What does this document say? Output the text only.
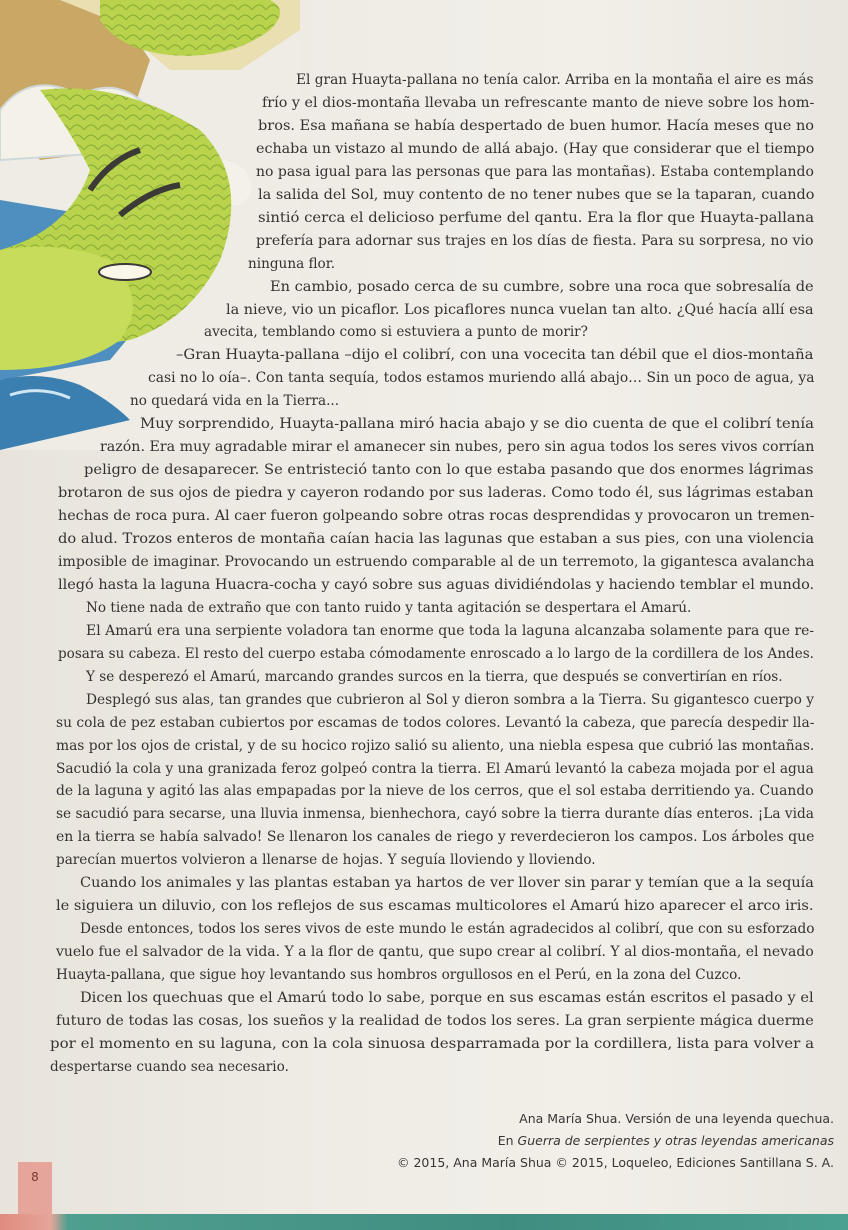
El gran Huayta-pallana no tenía calor. Arriba en la montaña el aire es más
frío y el dios-montaña llevaba un refrescante manto de nieve sobre los hom-
bros. Esa mañana se había despertado de buen humor. Hacía meses que no
echaba un vistazo al mundo de allá abajo. (Hay que considerar que el tiempo
no pasa igual para las personas que para las montañas). Estaba contemplando
la salida del Sol, muy contento de no tener nubes que se la taparan, cuando
sintió cerca el delicioso perfume del qantu. Era la flor que Huayta-pallana
prefería para adornar sus trajes en los días de fiesta. Para su sorpresa, no vio
ninguna flor.
En cambio, posado cerca de su cumbre, sobre una roca que sobresalía de
la nieve, vio un picaflor. Los picaflores nunca vuelan tan alto. ¿Qué hacía allí esa
avecita, temblando como si estuviera a punto de morir?
–Gran Huayta-pallana –dijo el colibrí, con una vocecita tan débil que el dios-montaña
casi no lo oía–. Con tanta sequía, todos estamos muriendo allá abajo… Sin un poco de agua, ya
no quedará vida en la Tierra...
Muy sorprendido, Huayta-pallana miró hacia abajo y se dio cuenta de que el colibrí tenía
razón. Era muy agradable mirar el amanecer sin nubes, pero sin agua todos los seres vivos corrían
peligro de desaparecer. Se entristeció tanto con lo que estaba pasando que dos enormes lágrimas
brotaron de sus ojos de piedra y cayeron rodando por sus laderas. Como todo él, sus lágrimas estaban
hechas de roca pura. Al caer fueron golpeando sobre otras rocas desprendidas y provocaron un tremen-
do alud. Trozos enteros de montaña caían hacia las lagunas que estaban a sus pies, con una violencia
imposible de imaginar. Provocando un estruendo comparable al de un terremoto, la gigantesca avalancha
llegó hasta la laguna Huacra-cocha y cayó sobre sus aguas dividiéndolas y haciendo temblar el mundo.
No tiene nada de extraño que con tanto ruido y tanta agitación se despertara el Amarú.
El Amarú era una serpiente voladora tan enorme que toda la laguna alcanzaba solamente para que re-
posara su cabeza. El resto del cuerpo estaba cómodamente enroscado a lo largo de la cordillera de los Andes.
Y se desperezó el Amarú, marcando grandes surcos en la tierra, que después se convertirían en ríos.
Desplegó sus alas, tan grandes que cubrieron al Sol y dieron sombra a la Tierra. Su gigantesco cuerpo y
su cola de pez estaban cubiertos por escamas de todos colores. Levantó la cabeza, que parecía despedir lla-
mas por los ojos de cristal, y de su hocico rojizo salió su aliento, una niebla espesa que cubrió las montañas.
Sacudió la cola y una granizada feroz golpeó contra la tierra. El Amarú levantó la cabeza mojada por el agua
de la laguna y agitó las alas empapadas por la nieve de los cerros, que el sol estaba derritiendo ya. Cuando
se sacudió para secarse, una lluvia inmensa, bienhechora, cayó sobre la tierra durante días enteros. ¡La vida
en la tierra se había salvado! Se llenaron los canales de riego y reverdecieron los campos. Los árboles que
parecían muertos volvieron a llenarse de hojas. Y seguía lloviendo y lloviendo.
Cuando los animales y las plantas estaban ya hartos de ver llover sin parar y temían que a la sequía
le siguiera un diluvio, con los reflejos de sus escamas multicolores el Amarú hizo aparecer el arco iris.
Desde entonces, todos los seres vivos de este mundo le están agradecidos al colibrí, que con su esforzado
vuelo fue el salvador de la vida. Y a la flor de qantu, que supo crear al colibrí. Y al dios-montaña, el nevado
Huayta-pallana, que sigue hoy levantando sus hombros orgullosos en el Perú, en la zona del Cuzco.
Dicen los quechuas que el Amarú todo lo sabe, porque en sus escamas están escritos el pasado y el
futuro de todas las cosas, los sueños y la realidad de todos los seres. La gran serpiente mágica duerme
por el momento en su laguna, con la cola sinuosa desparramada por la cordillera, lista para volver a
despertarse cuando sea necesario.
Ana María Shua. Versión de una leyenda quechua.
En Guerra de serpientes y otras leyendas americanas
© 2015, Ana María Shua © 2015, Loqueleo, Ediciones Santillana S. A.
8
